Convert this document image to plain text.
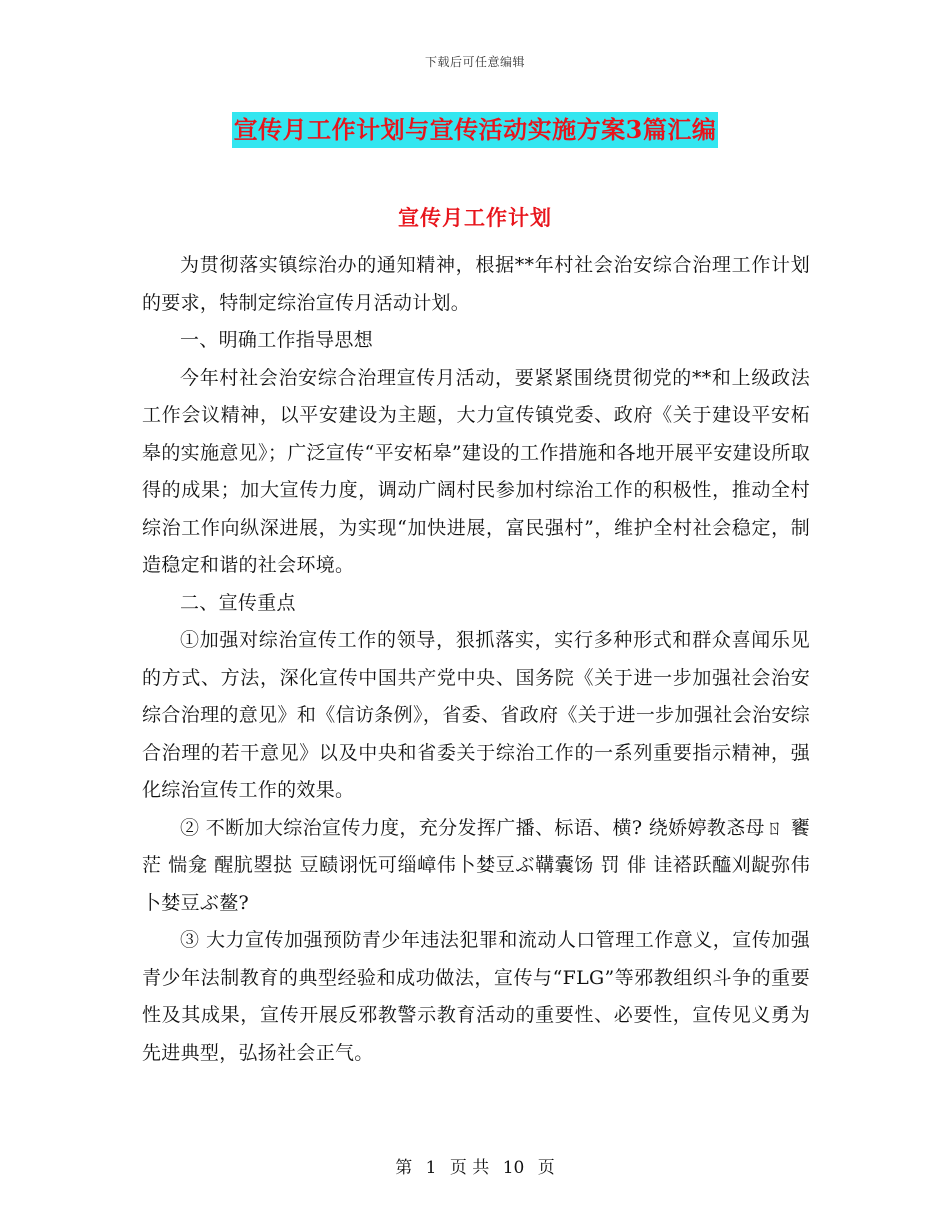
下载后可任意编辑
宣传月工作计划与宣传活动实施方案3篇汇编
宣传月工作计划

为贯彻落实镇综治办的通知精神，根据**年村社会治安综合治理工作计划的要求，特制定综治宣传月活动计划。

一、明确工作指导思想

今年村社会治安综合治理宣传月活动，要紧紧围绕贯彻党的**和上级政法工作会议精神，以平安建设为主题，大力宣传镇党委、政府《关于建设平安柘皋的实施意见》；广泛宣传“平安柘皋”建设的工作措施和各地开展平安建设所取得的成果；加大宣传力度，调动广阔村民参加村综治工作的积极性，推动全村综治工作向纵深进展，为实现“加快进展，富民强村”，维护全村社会稳定，制造稳定和谐的社会环境。

二、宣传重点

①加强对综治宣传工作的领导，狠抓落实，实行多种形式和群众喜闻乐见的方式、方法，深化宣传中国共产党中央、国务院《关于进一步加强社会治安综合治理的意见》和《信访条例》，省委、省政府《关于进一步加强社会治安综合治理的若干意见》以及中央和省委关于综治工作的一系列重要指示精神，强化综治宣传工作的效果。

② 不断加大综治宣传力度，充分发挥广播、标语、横? 绕娇婷教忞母ㄖ 饔茫 惴龛 醒肮曌挞 豆赜诩怃可缁嶂伟卜婪豆ぶ鞲囊饧 罚 俳 诖褡跃醯刈龊弥伟卜婪豆ぶ鳌?

③ 大力宣传加强预防青少年违法犯罪和流动人口管理工作意义，宣传加强青少年法制教育的典型经验和成功做法，宣传与“FLG”等邪教组织斗争的重要性及其成果，宣传开展反邪教警示教育活动的重要性、必要性，宣传见义勇为先进典型，弘扬社会正气。

第 1 页 共 10 页
